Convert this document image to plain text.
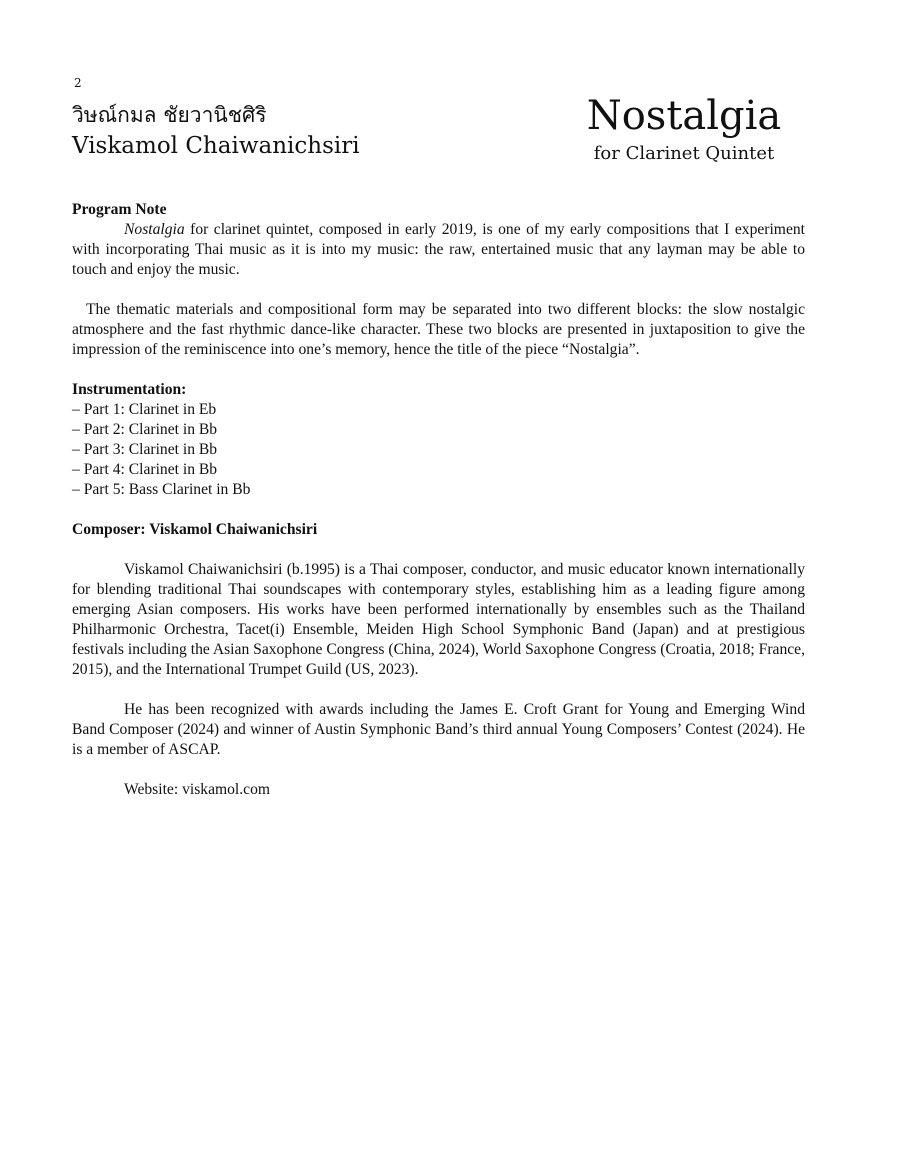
2
วิษณ์กมล ชัยวานิชศิริ
Viskamol Chaiwanichsiri
Nostalgia
for Clarinet Quintet

Program Note

Nostalgia for clarinet quintet, composed in early 2019, is one of my early compositions that I experiment with incorporating Thai music as it is into my music: the raw, entertained music that any layman may be able to touch and enjoy the music.

The thematic materials and compositional form may be separated into two different blocks: the slow nostalgic atmosphere and the fast rhythmic dance-like character. These two blocks are presented in juxtaposition to give the impression of the reminiscence into one’s memory, hence the title of the piece “Nostalgia”.

Instrumentation:

– Part 1: Clarinet in Eb
– Part 2: Clarinet in Bb
– Part 3: Clarinet in Bb
– Part 4: Clarinet in Bb
– Part 5: Bass Clarinet in Bb

Composer: Viskamol Chaiwanichsiri

Viskamol Chaiwanichsiri (b.1995) is a Thai composer, conductor, and music educator known internationally for blending traditional Thai soundscapes with contemporary styles, establishing him as a leading figure among emerging Asian composers. His works have been performed internationally by ensembles such as the Thailand Philharmonic Orchestra, Tacet(i) Ensemble, Meiden High School Symphonic Band (Japan) and at prestigious festivals including the Asian Saxophone Congress (China, 2024), World Saxophone Congress (Croatia, 2018; France, 2015), and the International Trumpet Guild (US, 2023).

He has been recognized with awards including the James E. Croft Grant for Young and Emerging Wind Band Composer (2024) and winner of Austin Symphonic Band’s third annual Young Composers’ Contest (2024). He is a member of ASCAP.

Website: viskamol.com
